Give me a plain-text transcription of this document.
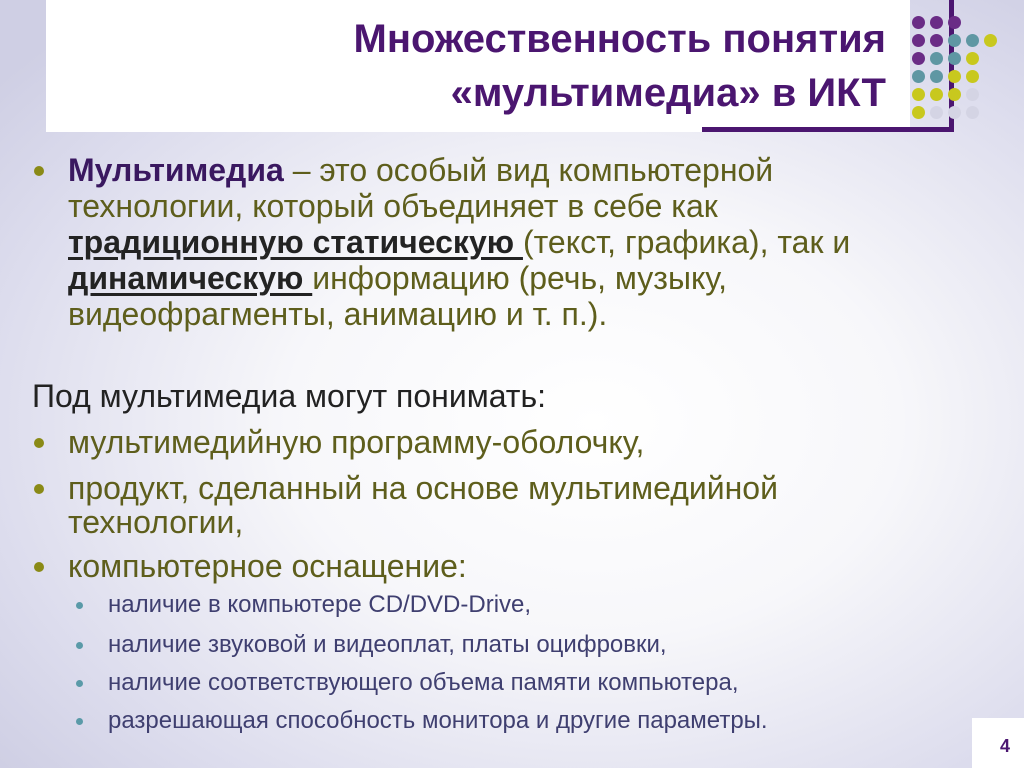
Множественность понятия
«мультимедиа» в ИКТ

Мультимедиа – это особый вид компьютерной

технологии, который объединяет в себе как

традиционную статическую (текст, графика), так и

динамическую информацию (речь, музыку,

видеофрагменты, анимацию и т. п.).

Под мультимедиа могут понимать:

мультимедийную программу-оболочку,

продукт, сделанный на основе мультимедийной

технологии,

компьютерное оснащение:

наличие в компьютере CD/DVD-Drive,

наличие звуковой и видеоплат, платы оцифровки,

наличие соответствующего объема памяти компьютера,

разрешающая способность монитора и другие параметры.

4
